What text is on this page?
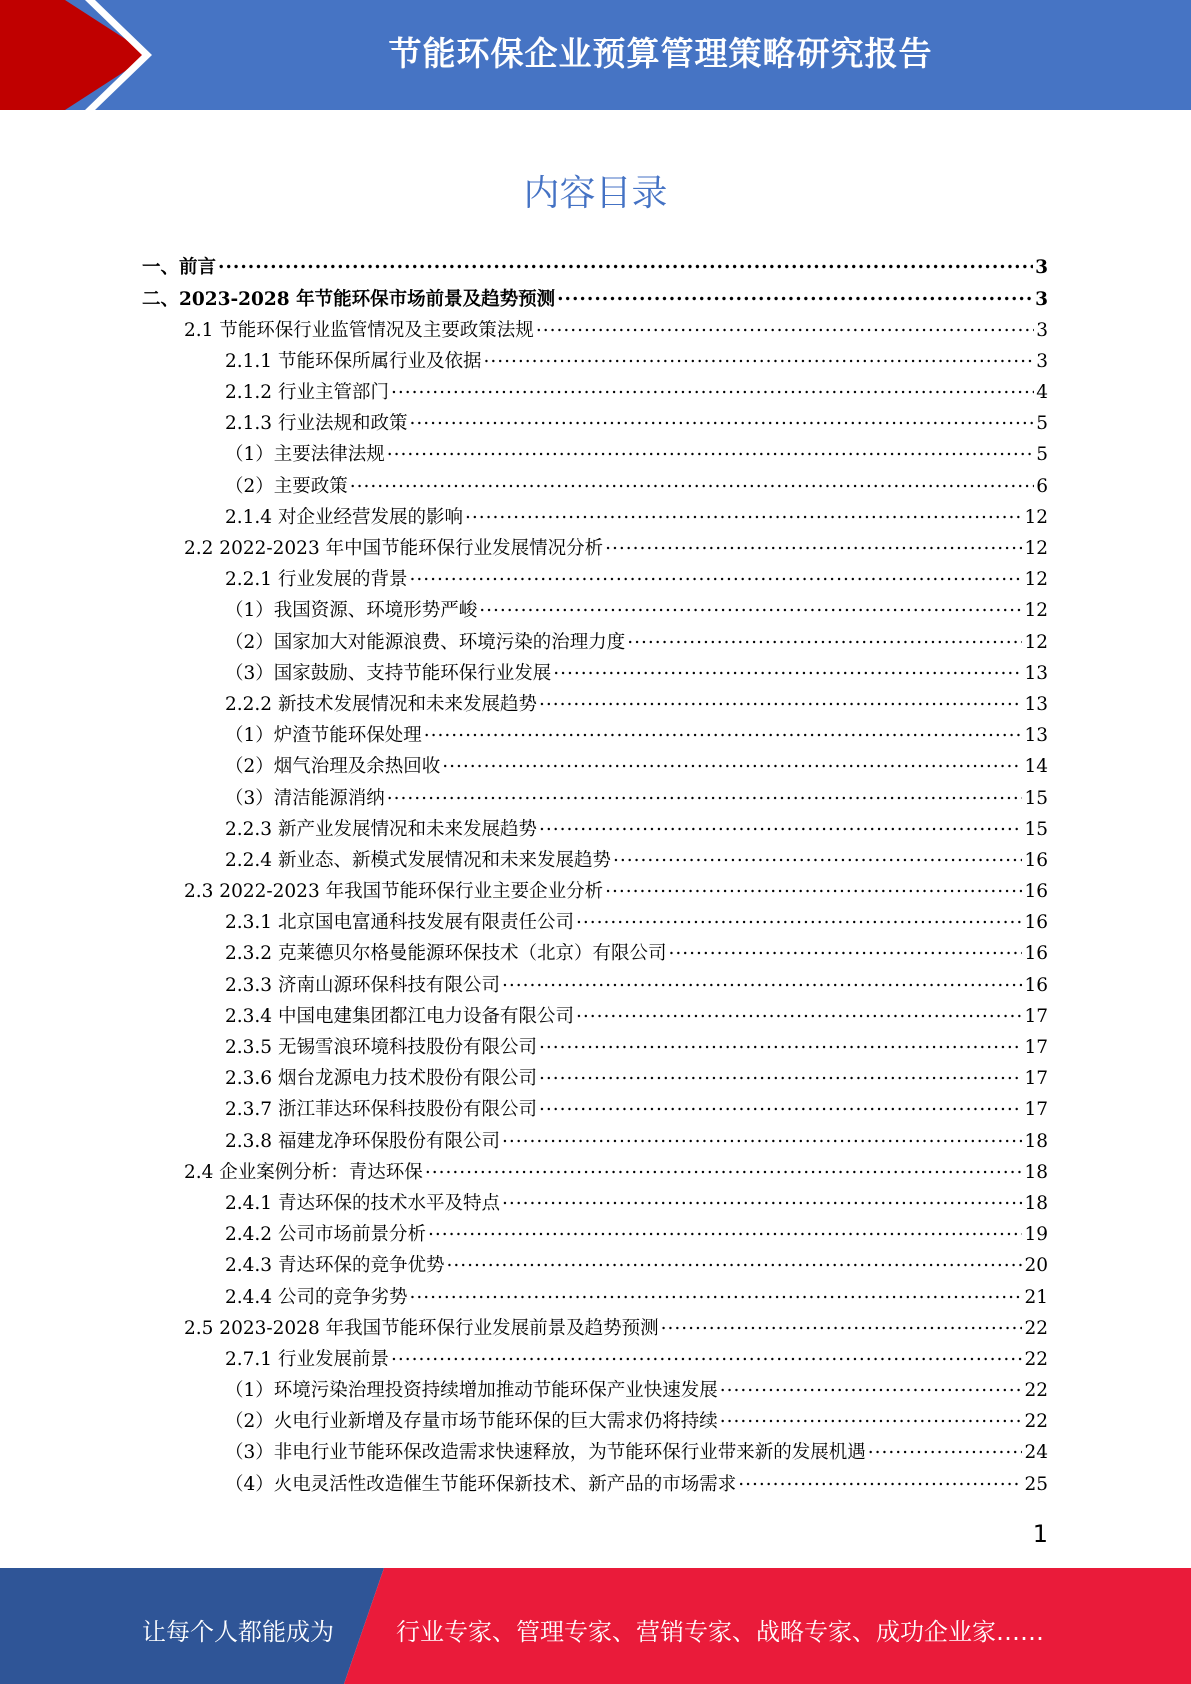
节能环保企业预算管理策略研究报告
内容目录
一、前言 .....	3
二、2023-2028 年节能环保市场前景及趋势预测 .....	3
2.1 节能环保行业监管情况及主要政策法规 .....	3
2.1.1 节能环保所属行业及依据 .....	3
2.1.2 行业主管部门 .....	4
2.1.3 行业法规和政策 .....	5
（1）主要法律法规 .....	5
（2）主要政策 .....	6
2.1.4 对企业经营发展的影响 .....	12
2.2 2022-2023 年中国节能环保行业发展情况分析 .....	12
2.2.1 行业发展的背景 .....	12
（1）我国资源、环境形势严峻 .....	12
（2）国家加大对能源浪费、环境污染的治理力度 .....	12
（3）国家鼓励、支持节能环保行业发展 .....	13
2.2.2 新技术发展情况和未来发展趋势 .....	13
（1）炉渣节能环保处理 .....	13
（2）烟气治理及余热回收 .....	14
（3）清洁能源消纳 .....	15
2.2.3 新产业发展情况和未来发展趋势 .....	15
2.2.4 新业态、新模式发展情况和未来发展趋势 .....	16
2.3 2022-2023 年我国节能环保行业主要企业分析 .....	16
2.3.1 北京国电富通科技发展有限责任公司 .....	16
2.3.2 克莱德贝尔格曼能源环保技术（北京）有限公司 .....	16
2.3.3 济南山源环保科技有限公司 .....	16
2.3.4 中国电建集团都江电力设备有限公司 .....	17
2.3.5 无锡雪浪环境科技股份有限公司 .....	17
2.3.6 烟台龙源电力技术股份有限公司 .....	17
2.3.7 浙江菲达环保科技股份有限公司 .....	17
2.3.8 福建龙净环保股份有限公司 .....	18
2.4 企业案例分析：青达环保 .....	18
2.4.1 青达环保的技术水平及特点 .....	18
2.4.2 公司市场前景分析 .....	19
2.4.3 青达环保的竞争优势 .....	20
2.4.4 公司的竞争劣势 .....	21
2.5 2023-2028 年我国节能环保行业发展前景及趋势预测 .....	22
2.7.1 行业发展前景 .....	22
（1）环境污染治理投资持续增加推动节能环保产业快速发展 .....	22
（2）火电行业新增及存量市场节能环保的巨大需求仍将持续 .....	22
（3）非电行业节能环保改造需求快速释放，为节能环保行业带来新的发展机遇 .....	24
（4）火电灵活性改造催生节能环保新技术、新产品的市场需求 .....	25
1
让每个人都能成为	行业专家、管理专家、营销专家、战略专家、成功企业家……
